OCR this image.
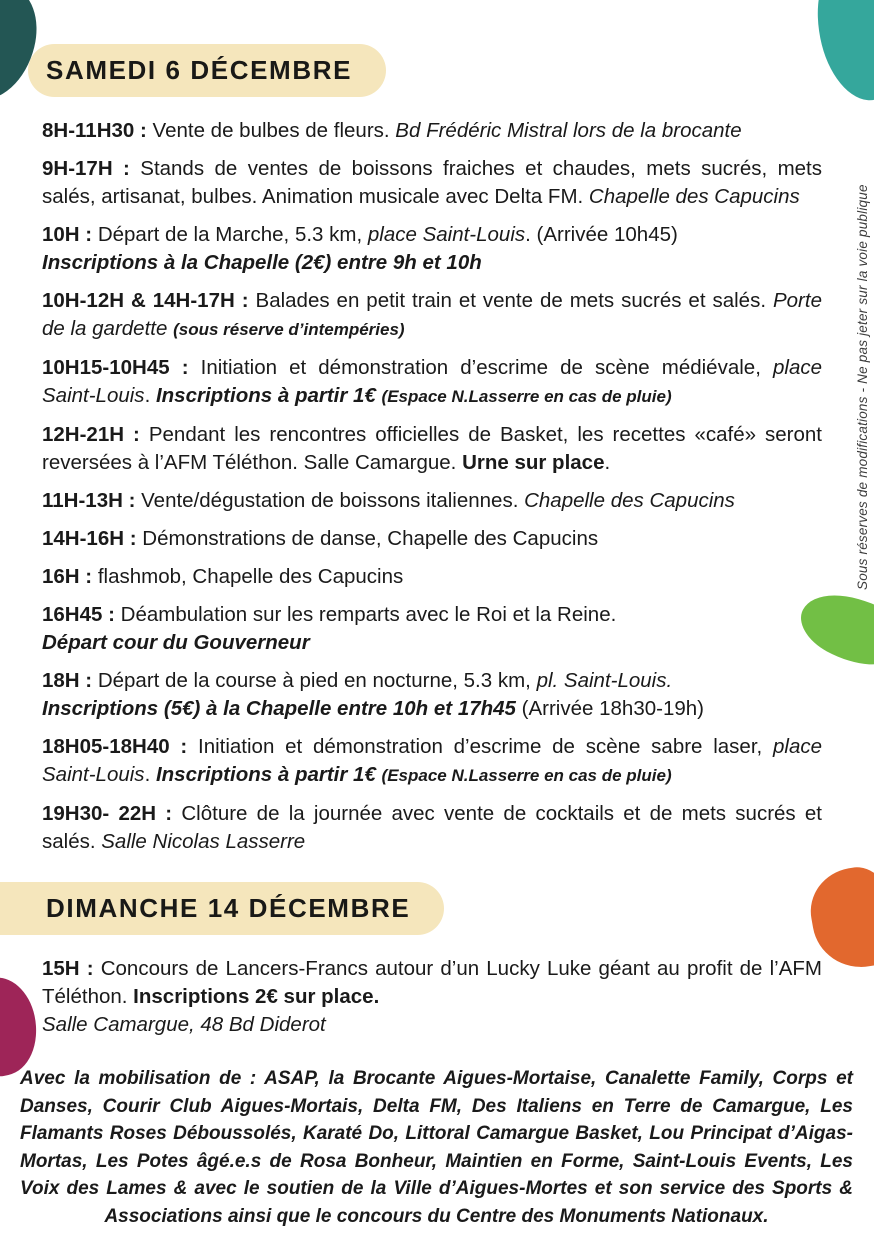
Sous réserves de modifications - Ne pas jeter sur la voie publique
SAMEDI 6 DÉCEMBRE

8H-11H30 : Vente de bulbes de fleurs. Bd Frédéric Mistral lors de la brocante

9H-17H : Stands de ventes de boissons fraiches et chaudes, mets sucrés, mets salés, artisanat, bulbes. Animation musicale avec Delta FM. Chapelle des Capucins

10H : Départ de la Marche, 5.3 km, place Saint-Louis. (Arrivée 10h45)
Inscriptions à la Chapelle (2€) entre 9h et 10h

10H-12H & 14H-17H : Balades en petit train et vente de mets sucrés et salés. Porte de la gardette (sous réserve d’intempéries)

10H15-10H45 : Initiation et démonstration d’escrime de scène médiévale, place Saint-Louis. Inscriptions à partir 1€ (Espace N.Lasserre en cas de pluie)

12H-21H : Pendant les rencontres officielles de Basket, les recettes «café» seront reversées à l’AFM Téléthon. Salle Camargue. Urne sur place.

11H-13H : Vente/dégustation de boissons italiennes. Chapelle des Capucins

14H-16H : Démonstrations de danse, Chapelle des Capucins

16H : flashmob, Chapelle des Capucins

16H45 : Déambulation sur les remparts avec le Roi et la Reine.
Départ cour du Gouverneur

18H : Départ de la course à pied en nocturne, 5.3 km, pl. Saint-Louis.
Inscriptions (5€) à la Chapelle entre 10h et 17h45 (Arrivée 18h30-19h)

18H05-18H40 : Initiation et démonstration d’escrime de scène sabre laser, place Saint-Louis. Inscriptions à partir 1€ (Espace N.Lasserre en cas de pluie)

19H30- 22H : Clôture de la journée avec vente de cocktails et de mets sucrés et salés. Salle Nicolas Lasserre

DIMANCHE 14 DÉCEMBRE

15H : Concours de Lancers-Francs autour d’un Lucky Luke géant au profit de l’AFM Téléthon. Inscriptions 2€ sur place.
Salle Camargue, 48 Bd Diderot

Avec la mobilisation de : ASAP, la Brocante Aigues-Mortaise, Canalette Family, Corps et Danses, Courir Club Aigues-Mortais, Delta FM, Des Italiens en Terre de Camargue, Les Flamants Roses Déboussolés, Karaté Do, Littoral Camargue Basket, Lou Principat d’Aigas-Mortas, Les Potes âgé.e.s de Rosa Bonheur, Maintien en Forme, Saint-Louis Events, Les Voix des Lames & avec le soutien de la Ville d’Aigues-Mortes et son service des Sports & Associations ainsi que le concours du Centre des Monuments Nationaux.
